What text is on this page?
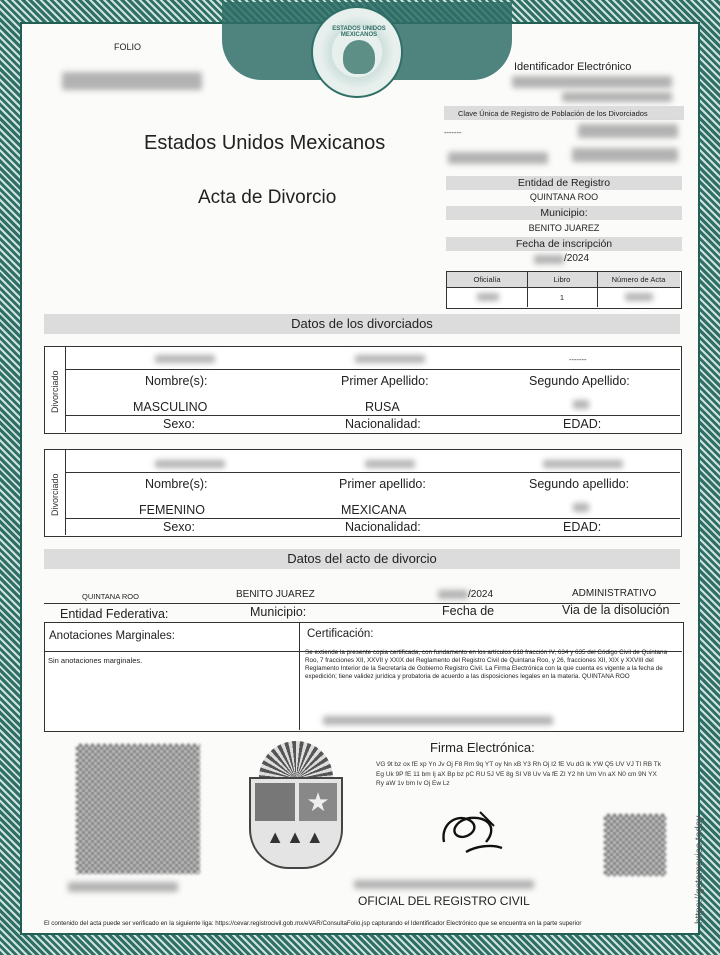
ESTADOS UNIDOS MEXICANOS
FOLIO
Identificador Electrónico
Clave Única de Registro de Población de los Divorciados
-------
Estados Unidos Mexicanos
Acta de Divorcio
Entidad de Registro
QUINTANA ROO
Municipio:
BENITO JUAREZ
Fecha de inscripción
/2024
Oficialía	Libro	Número de Acta
1
Datos de los divorciados
Divorciado
-------
Nombre(s):	Primer Apellido:	Segundo Apellido:
MASCULINO	RUSA
Sexo:	Nacionalidad:	EDAD:
Divorciado	Nombre(s):	Primer apellido:	Segundo apellido:
FEMENINO	MEXICANA
Sexo:	Nacionalidad:	EDAD:
Datos del acto de divorcio
QUINTANA ROO	BENITO JUAREZ	/2024	ADMINISTRATIVO
Entidad Federativa:	Municipio:	Fecha de	Via de la disolución
Anotaciones Marginales:	Certificación:
Sin anotaciones marginales.
Se extiende la presente copia certificada, con fundamento en los artículos 618 fracción IV, 634 y 635 del Código Civil de Quintana Roo, 7 fracciones XII, XXVII y XXIX del Reglamento del Registro Civil de Quintana Roo, y 26, fracciones XII, XIX y XXVIII del Reglamento Interior de la Secretaría de Gobierno Registro Civil. La Firma Electrónica con la que cuenta es vigente a la fecha de expedición; tiene validez jurídica y probatoria de acuerdo a las disposiciones legales en la materia. QUINTANA ROO
★
▲▲▲
Firma Electrónica:
VG 9t bz ox fE xp Yn Jv Oj F8 Rm 9q YT oy Nn xB Y3 Rh Oj I2 fE Vu dG lk YW Q5 UV VJ TI RB Tk Eg Uk 9P fE 11 bm Ij aX Bp bz pC RU 5J VE 8g SI V8 Uv Va fE ZI Y2 hh Um Vn aX N0 cm 9N YX Ry aW 1v bm Iv Oj Ew Lz
OFICIAL DEL REGISTRO CIVIL
El contenido del acta puede ser verificado en la siguiente liga: https://cevar.registrocivil.gob.mx/eVAR/ConsultaFolio.jsp capturando el Identificador Electrónico que se encuentra en la parte superior	https://gotomexico.today
